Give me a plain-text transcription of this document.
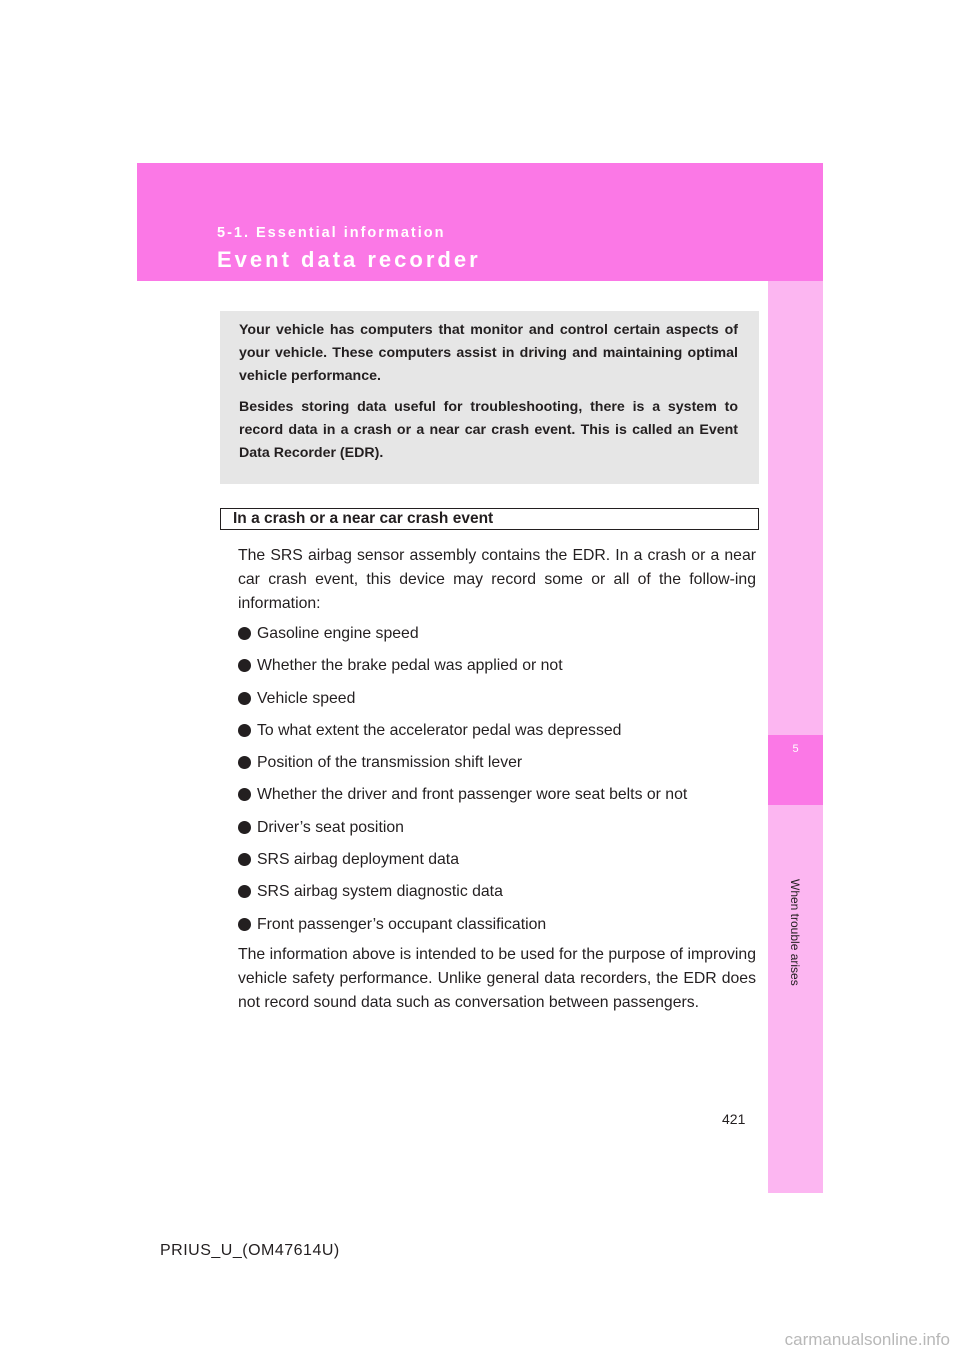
5-1. Essential information
Event data recorder
5
When trouble arises

Your vehicle has computers that monitor and control certain aspects of your vehicle. These computers assist in driving and maintaining optimal vehicle performance.

Besides storing data useful for troubleshooting, there is a system to record data in a crash or a near car crash event. This is called an Event Data Recorder (EDR).

In a crash or a near car crash event

The SRS airbag sensor assembly contains the EDR. In a crash or a near car crash event, this device may record some or all of the follow-ing information:

Gasoline engine speed
Whether the brake pedal was applied or not
Vehicle speed
To what extent the accelerator pedal was depressed
Position of the transmission shift lever
Whether the driver and front passenger wore seat belts or not
Driver’s seat position
SRS airbag deployment data
SRS airbag system diagnostic data
Front passenger’s occupant classification

The information above is intended to be used for the purpose of improving vehicle safety performance. Unlike general data recorders, the EDR does not record sound data such as conversation between passengers.

421
PRIUS_U_(OM47614U)
carmanualsonline.info
